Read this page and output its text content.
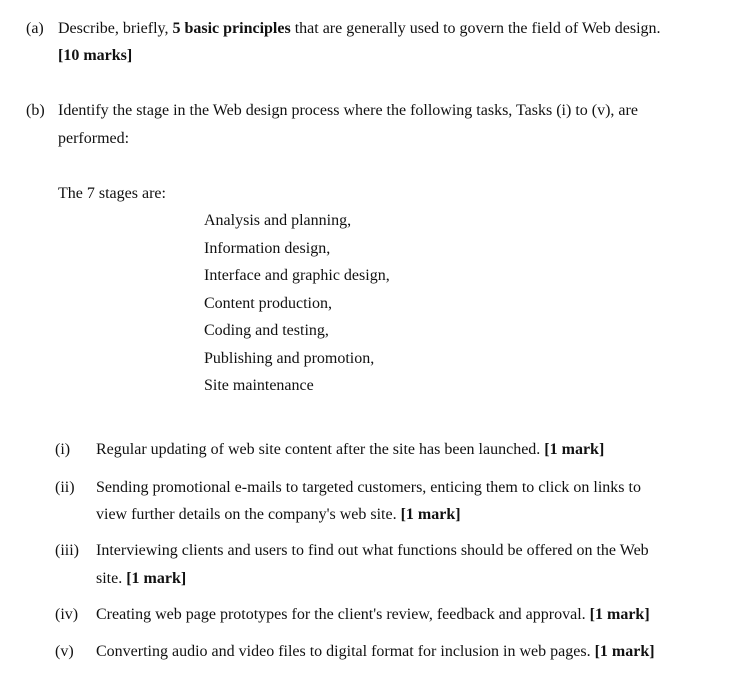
(a) Describe, briefly, 5 basic principles that are generally used to govern the field of Web design.
[10 marks]
(b) Identify the stage in the Web design process where the following tasks, Tasks (i) to (v), are
performed:
The 7 stages are:
Analysis and planning,
Information design,
Interface and graphic design,
Content production,
Coding and testing,
Publishing and promotion,
Site maintenance
(i) Regular updating of web site content after the site has been launched. [1 mark]
(ii) Sending promotional e-mails to targeted customers, enticing them to click on links to
view further details on the company's web site. [1 mark]
(iii) Interviewing clients and users to find out what functions should be offered on the Web
site. [1 mark]
(iv) Creating web page prototypes for the client's review, feedback and approval. [1 mark]
(v) Converting audio and video files to digital format for inclusion in web pages. [1 mark]
